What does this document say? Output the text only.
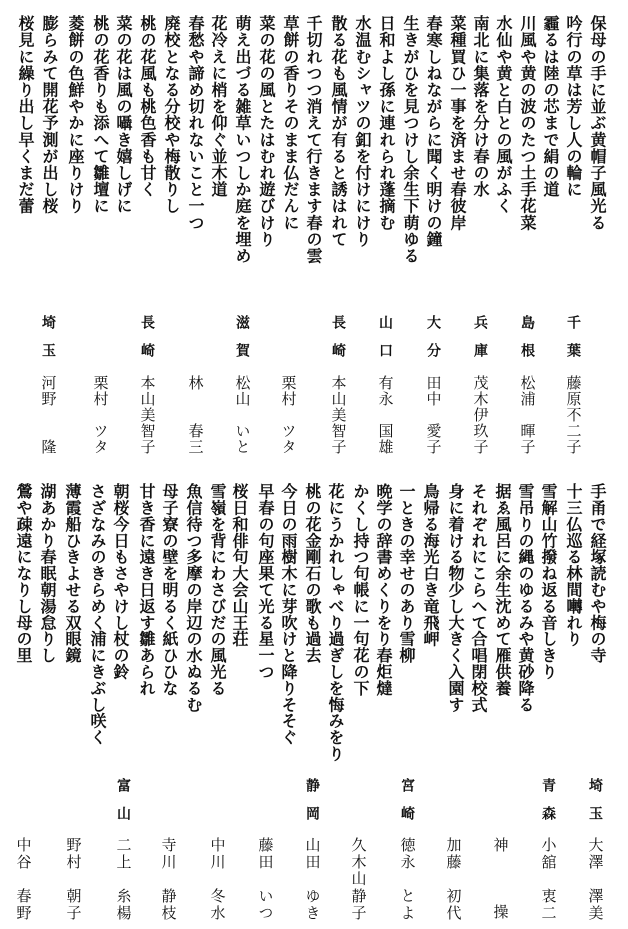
保母の手に並ぶ黄帽子風光る
吟行の草は芳し人の輪に
霾るは陸の芯まで絹の道
川風や黄の波のたつ土手花菜
水仙や黄と白との風がふく
南北に集落を分け春の水
菜種買ひ一事を済ませ春彼岸
春寒しねながらに聞く明けの鐘
生きがひを見つけし余生下萌ゆる
日和よし孫に連れられ蓬摘む
水温むシャツの釦を付けにけり
散る花も風情が有ると誘はれて
千切れつつ消えて行きます春の雲
草餅の香りそのまま仏だんに
菜の花の風とたはむれ遊びけり
萌え出づる雑草いつしか庭を埋め
花冷えに梢を仰ぐ並木道
春愁や諦め切れないこと一つ
廃校となる分校や梅散りし
桃の花風も桃色香も甘く
菜の花は風の囁き嬉しげに
桃の花香りも添へて雛壇に
菱餅の色鮮やかに座りけり
膨らみて開花予測が出し桜
桜見に繰り出し早くまだ蕾
千葉
藤原
不二子
島根
松浦
暉子
兵庫
茂木
伊玖子
大分
田中
愛子
山口
有永
国雄
長崎
本山
美智子
栗村
ツタ
滋賀
松山
いと
林
春三
長崎
本山
美智子
栗村
ツタ
埼玉
河野
隆
手甬で経塚読むや梅の寺
十三仏巡る林間囀れり
雪解山竹撥ね返る音しきり
雪吊りの縄のゆるみや黄砂降る
据ゑ風呂に余生沈めて雁供養
それぞれにこらへて合唱閉校式
身に着ける物少し大きく入園す
鳥帰る海光白き竜飛岬
一ときの幸せのあり雪柳
晩学の辞書めくりをり春炬燵
かくし持つ句帳に一句花の下
花にうかれしゃべり過ぎしを悔みをり
桃の花金剛石の歌も過去
今日の雨樹木に芽吹けと降りそそぐ
早春の句座果て光る星一つ
桜日和俳句大会山王荘
雪嶺を背にわさびだの風光る
魚信待つ多摩の岸辺の水ぬるむ
母子寮の壁を明るく紙ひひな
甘き香に遠き日返す雛あられ
朝桜今日もさやけし杖の鈴
さざなみのきらめく浦にきぶし咲く
薄霞船ひきよせる双眼鏡
湖あかり春眠朝湯怠りし
鶯や疎遠になりし母の里
埼玉
大澤
澤美
青森
小舘
衷二
神
操
加藤
初代
宮崎
徳永
とよ
久木山
静子
静岡
山田
ゆき
藤田
いつ
中川
冬水
寺川
静枝
富山
二上
糸楊
野村
朝子
中谷
春野
